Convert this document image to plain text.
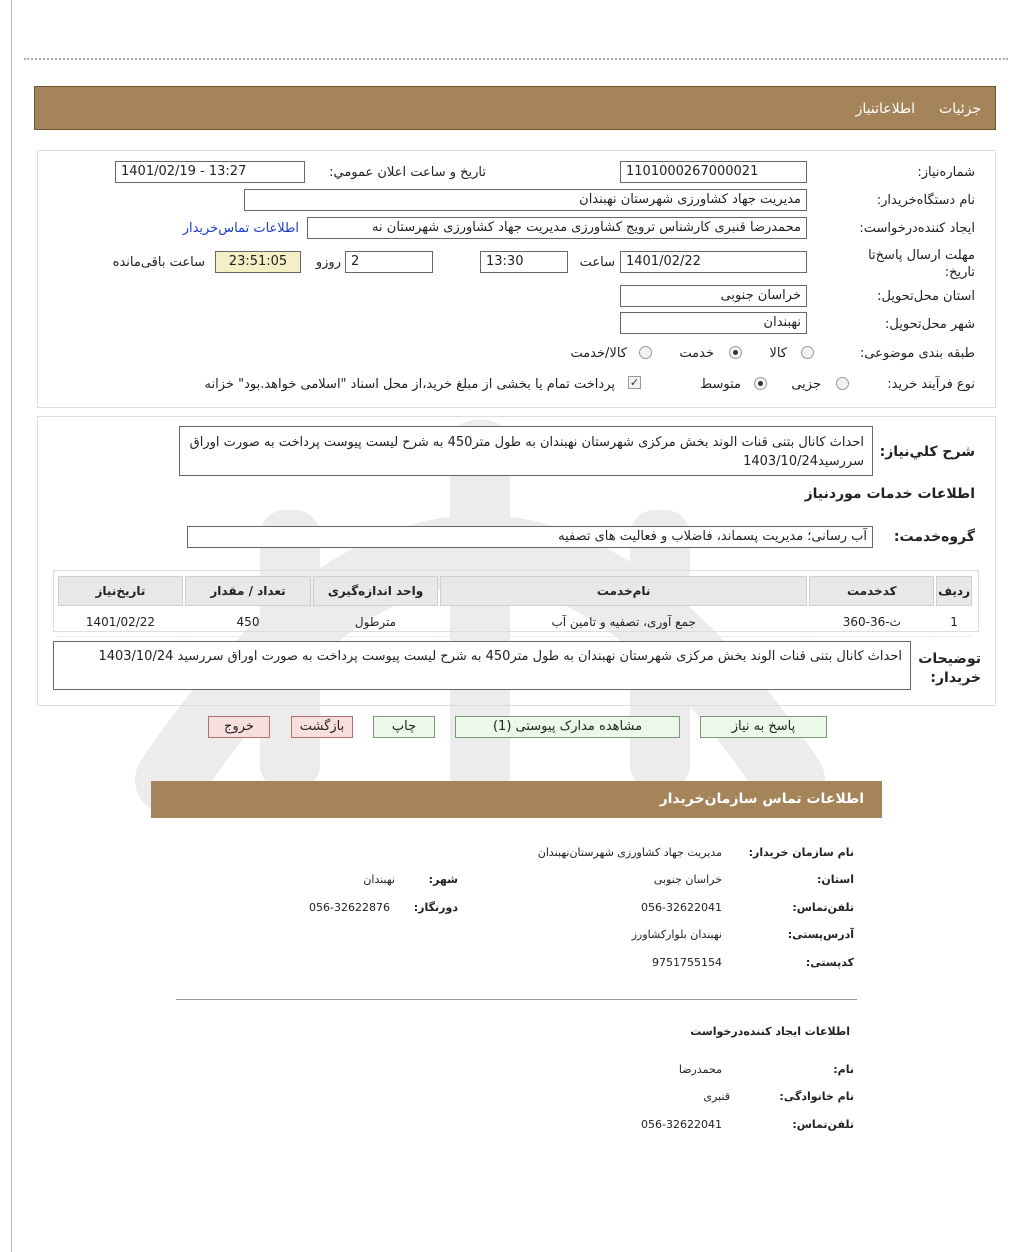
جزئیات
اطلاعاتنیاز
شماره‌نیاز:
1101000267000021
تاریخ و ساعت اعلان عمومي:
1401/02/19 - 13:27
نام دستگاه‌خریدار:
مدیریت جهاد کشاورزی شهرستان نهبندان
ایجاد کننده‌درخواست:
محمدرضا قنبری کارشناس ترویج کشاورزی مدیریت جهاد کشاورزی شهرستان نه
اطلاعات تماس‌خریدار
مهلت ارسال پاسخ‌تا تاریخ:
1401/02/22
ساعت
13:30
2
روزو
23:51:05
ساعت باقی‌مانده
استان محل‌تحویل:
خراسان جنوبی
شهر محل‌تحویل:
نهبندان
طبقه بندی موضوعی:
کالا
خدمت
کالا/خدمت
نوع فرآیند خرید:
جزیی
متوسط
✓
پرداخت تمام یا بخشی از مبلغ خرید،از محل اسناد "اسلامی خواهد.بود" خزانه
شرح کلي‌نیاز:
احداث کانال بتنی قنات الوند بخش مرکزی شهرستان نهبندان به طول متر450 به شرح لیست پیوست پرداخت به صورت اوراق سررسید1403/10/24
اطلاعات خدمات موردنیاز
گروه‌خدمت:
آب رسانی؛ مدیریت پسماند، فاضلاب و فعالیت های تصفیه
ردیف	کدخدمت	نام‌خدمت	واحد اندازه‌گیری	تعداد / مقدار	تاریخ‌نیاز
1	ث-36-360	جمع آوری، تصفیه و تامین آب	مترطول	450	1401/02/22
توضیحات خریدار:
احداث کانال بتنی قنات الوند بخش مرکزی شهرستان نهبندان به طول متر450 به شرح لیست پیوست پرداخت به صورت اوراق سررسید 1403/10/24
پاسخ به نیاز
مشاهده مدارک پیوستی (1)
چاپ
بازگشت
خروج
اطلاعات تماس سازمان‌خریدار
نام سازمان خریدار:
مدیریت جهاد کشاورزی شهرستان‌نهبندان
استان:
خراسان جنوبی
شهر:
نهبندان
تلفن‌تماس:
056-32622041
دورنگار:
056-32622876
آدرس‌پستی:
نهبندان بلوارکشاورز
کدپستی:
9751755154
اطلاعات ایجاد کننده‌درخواست
نام:
محمدرضا
نام خانوادگی:
قنبری
تلفن‌تماس:
056-32622041
